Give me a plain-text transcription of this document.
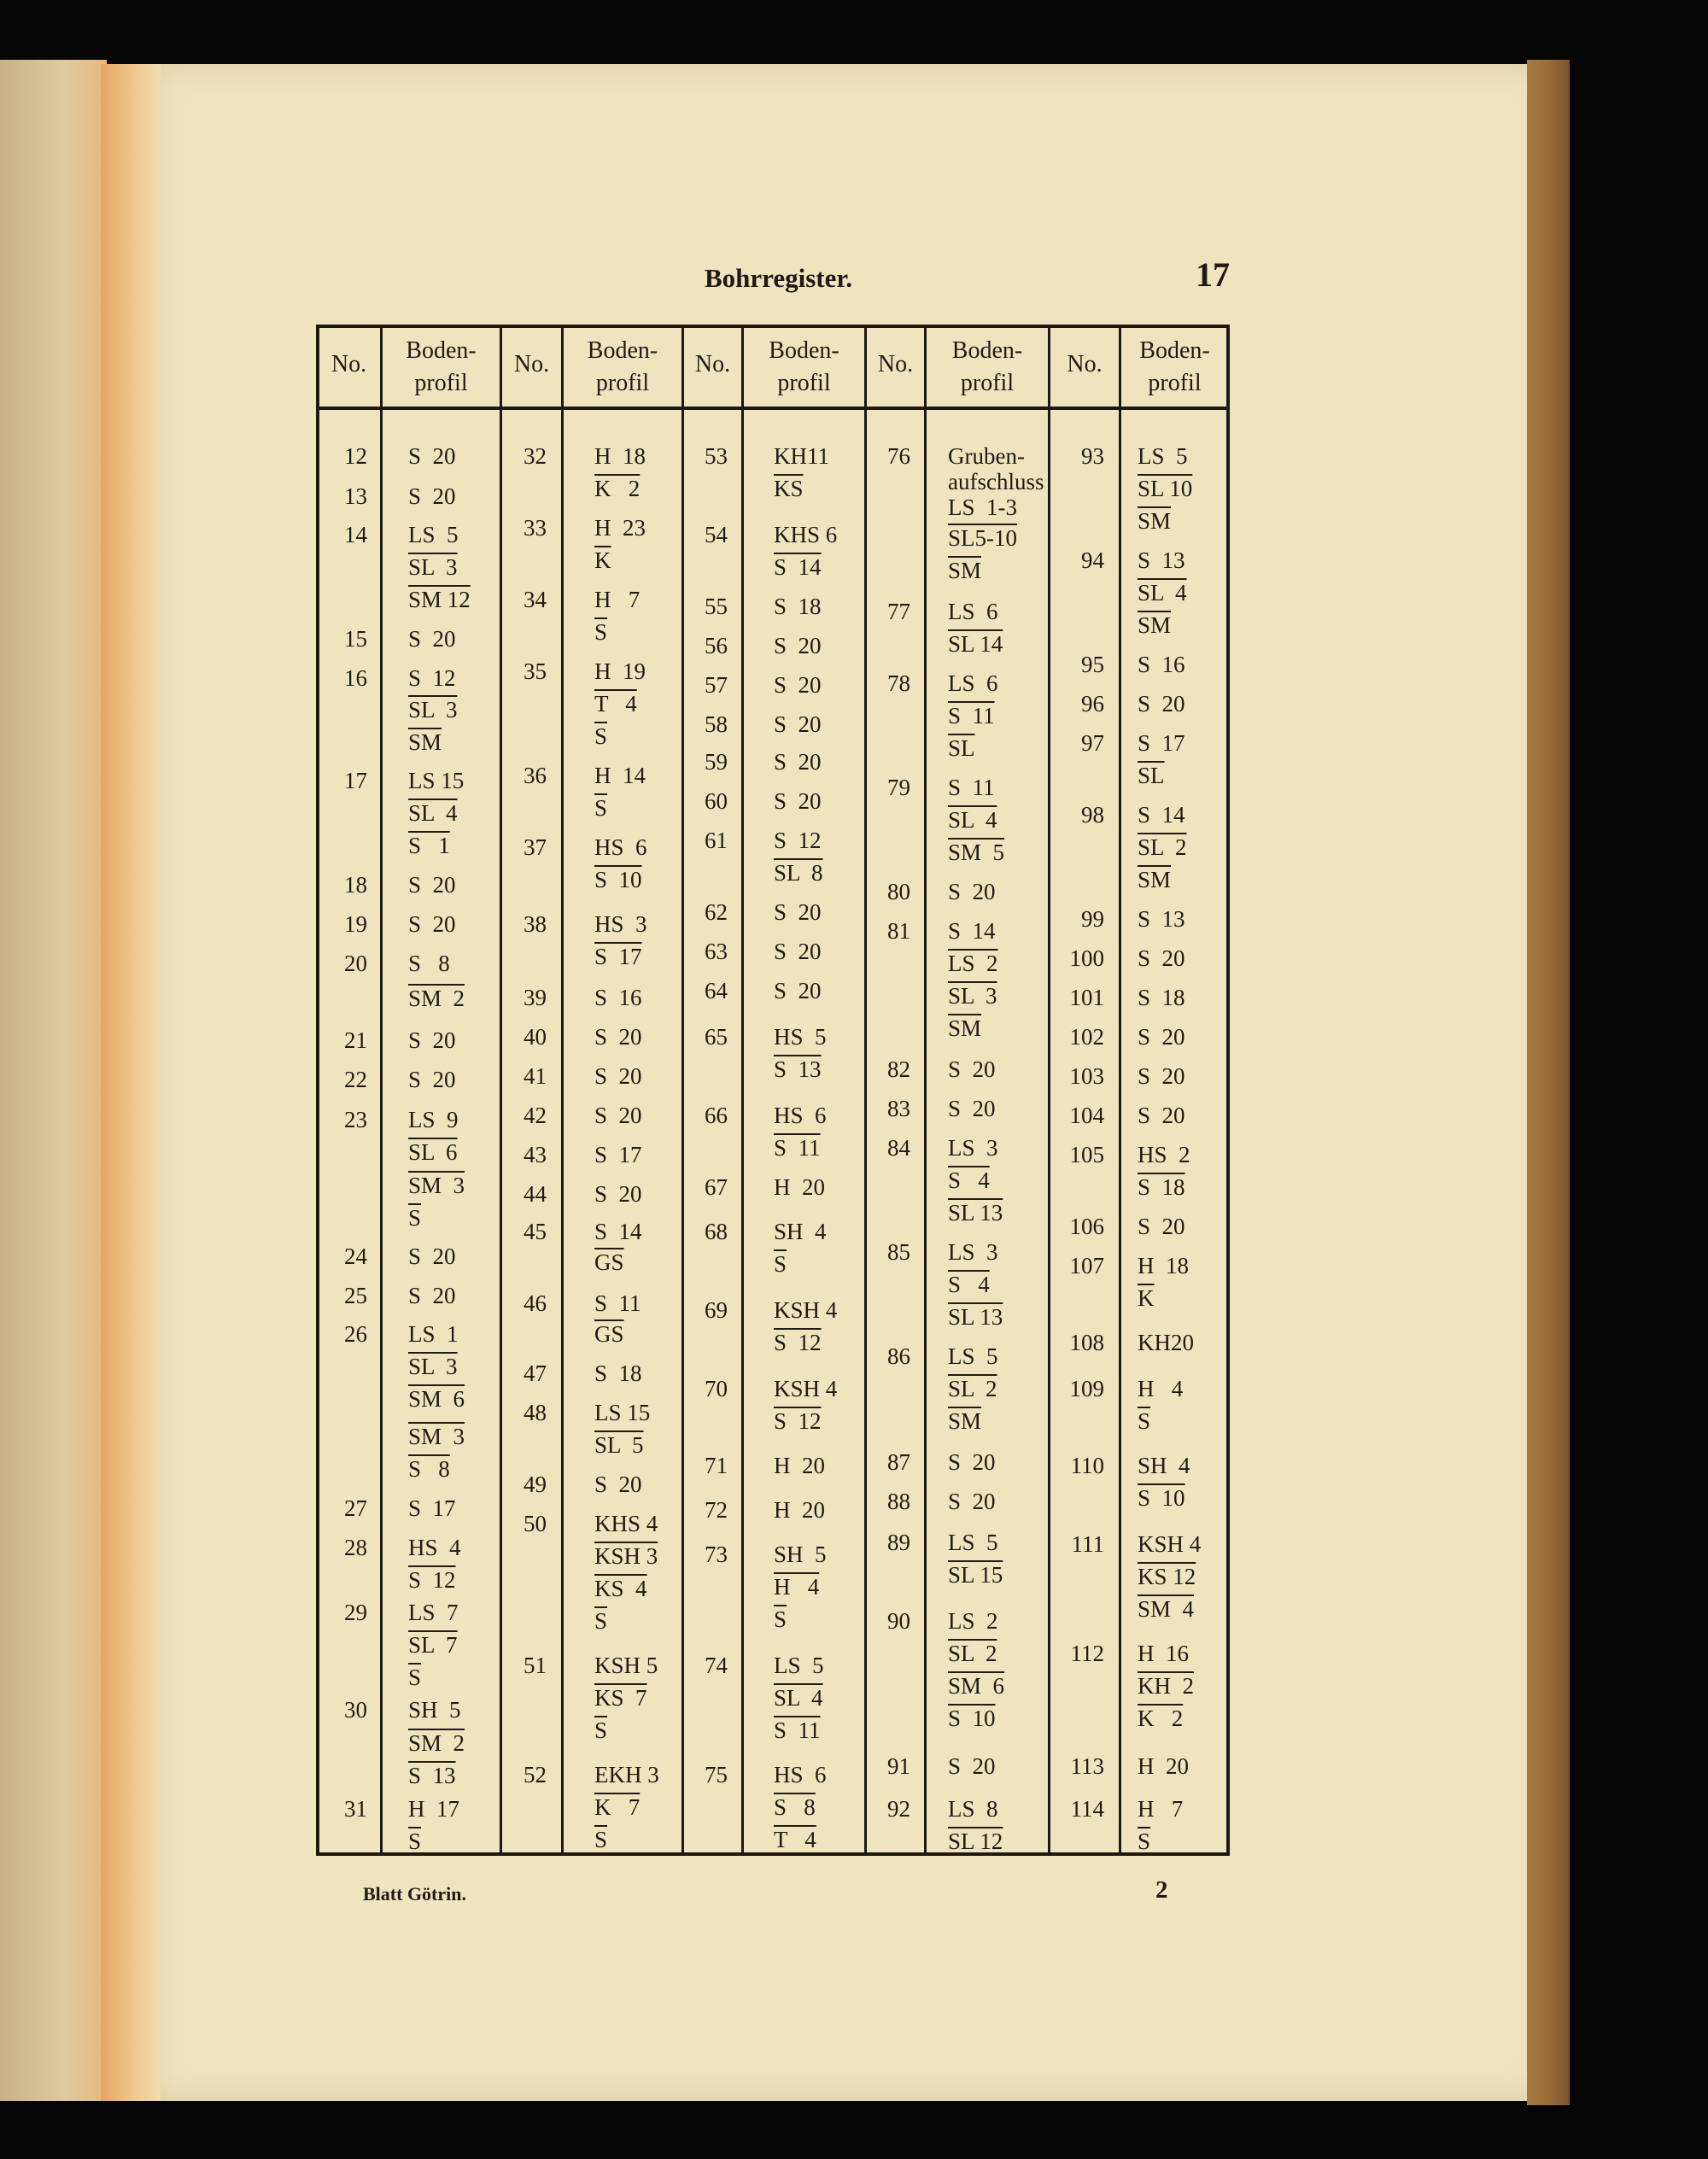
Bohrregister.	17
No.
Boden-
profil
No.
Boden-
profil
No.
Boden-
profil
No.
Boden-
profil
No.
Boden-
profil
12 S  20
13 S  20
14 LS  5
SL  3
SM 12
15 S  20
16 S  12
SL  3
$\overline{SM}$
17 LS 15
SL  4
S   1
18 S  20
19 S  20
20 S   8
SM  2
21 S  20
22 S  20
23 LS  9
SL  6
SM  3
$\overline{S}$
24 S  20
25 S  20
26 LS  1
SL  3
SM  6
SM  3
S   8
27 S  17
28 HS  4
S  12
29 LS  7
SL  7
$\overline{S}$
30 SH  5
SM  2
S  13
31 H  17
$\overline{S}$
32 H  18
K   2
33 H  23
$\overline{K}$
34 H   7
$\overline{S}$
35 H  19
T   4
$\overline{S}$
36 H  14
$\overline{S}$
37 HS  6
S  10
38 HS  3
S  17
39 S  16
40 S  20
41 S  20
42 S  20
43 S  17
44 S  20
45 S  14
$\overline{GS}$
46 S  11
$\overline{GS}$
47 S  18
48 LS 15
SL  5
49 S  20
50 KHS 4
KSH 3
KS  4
$\overline{S}$
51 KSH 5
KS  7
$\overline{S}$
52 EKH 3
K   7
$\overline{S}$
53 KH11
$\overline{KS}$
54 KHS 6
S  14
55 S  18
56 S  20
57 S  20
58 S  20
59 S  20
60 S  20
61 S  12
SL  8
62 S  20
63 S  20
64 S  20
65 HS  5
S  13
66 HS  6
S  11
67 H  20
68 SH  4
$\overline{S}$
69 KSH 4
S  12
70 KSH 4
S  12
71 H  20
72 H  20
73 SH  5
H   4
$\overline{S}$
74 LS  5
SL  4
S  11
75 HS  6
S   8
T   4
76 Gruben-
aufschluss
LS  1-3
SL5-10
$\overline{SM}$
77 LS  6
SL 14
78 LS  6
S  11
$\overline{SL}$
79 S  11
SL  4
SM  5
80 S  20
81 S  14
LS  2
SL  3
$\overline{SM}$
82 S  20
83 S  20
84 LS  3
S   4
SL 13
85 LS  3
S   4
SL 13
86 LS  5
SL  2
$\overline{SM}$
87 S  20
88 S  20
89 LS  5
SL 15
90 LS  2
SL  2
SM  6
S  10
91 S  20
92 LS  8
SL 12
93 LS  5
SL 10
$\overline{SM}$
94 S  13
SL  4
$\overline{SM}$
95 S  16
96 S  20
97 S  17
$\overline{SL}$
98 S  14
SL  2
$\overline{SM}$
99 S  13
100 S  20
101 S  18
102 S  20
103 S  20
104 S  20
105 HS  2
S  18
106 S  20
107 H  18
$\overline{K}$
108 KH20
109 H   4
$\overline{S}$
110 SH  4
S  10
111 KSH 4
KS 12
SM  4
112 H  16
KH  2
K   2
113 H  20
114 H   7
$\overline{S}$
Blatt Götrin.	2
